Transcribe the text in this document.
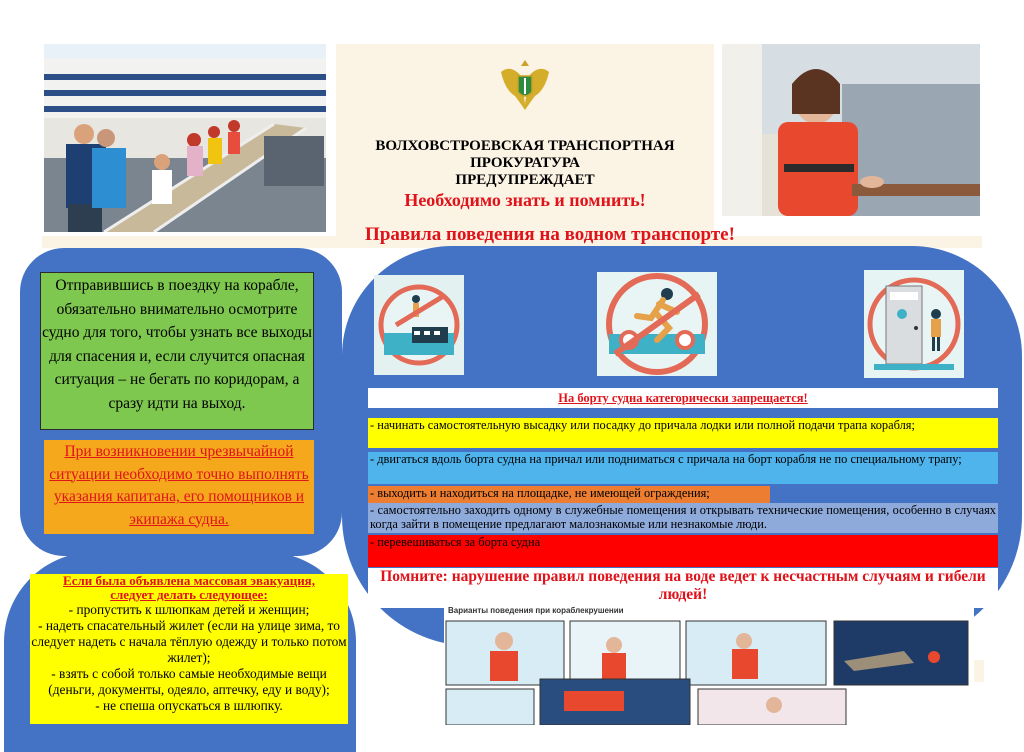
ВОЛХОВСТРОЕВСКАЯ ТРАНСПОРТНАЯ
ПРОКУРАТУРА
ПРЕДУПРЕЖДАЕТ
Необходимо знать и помнить!
Правила поведения на водном транспорте!
Отправившись в поездку на корабле, обязательно внимательно осмотрите судно для того, чтобы узнать все выходы для спасения и, если случится опасная ситуация – не бегать по коридорам, а сразу идти на выход.
При возникновении чрезвычайной ситуации необходимо точно выполнять указания капитана, его помощников и экипажа судна.
Если была объявлена массовая эвакуация, следует делать следующее:
- пропустить к шлюпкам детей и женщин;
- надеть спасательный жилет (если на улице зима, то следует надеть с начала тёплую одежду и только потом жилет);
- взять с собой только самые необходимые вещи (деньги, документы, одеяло, аптечку, еду и воду);
- не спеша опускаться в шлюпку.
На борту судна категорически запрещается!
- начинать самостоятельную высадку или посадку до причала лодки или полной подачи трапа корабля;
- двигаться вдоль борта судна на причал или подниматься с причала на борт корабля не по специальному трапу;
- выходить и находиться на площадке, не имеющей ограждения;
- самостоятельно заходить одному в служебные помещения и открывать технические помещения, особенно в случаях когда зайти в помещение предлагают малознакомые или незнакомые люди.
- перевешиваться за борта судна
Помните: нарушение правил поведения на воде ведет к несчастным случаям и гибели людей!
Варианты поведения при кораблекрушении
